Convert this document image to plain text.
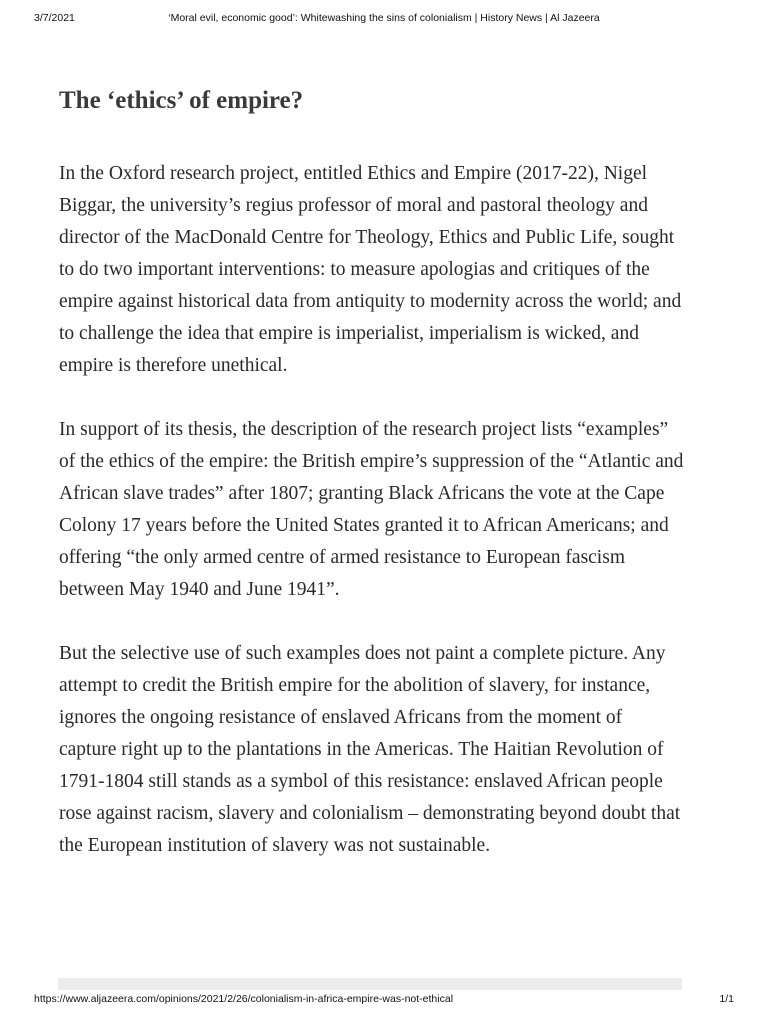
3/7/2021	‘Moral evil, economic good’: Whitewashing the sins of colonialism | History News | Al Jazeera
The ‘ethics’ of empire?

In the Oxford research project, entitled Ethics and Empire (2017-22), Nigel Biggar, the university’s regius professor of moral and pastoral theology and director of the MacDonald Centre for Theology, Ethics and Public Life, sought to do two important interventions: to measure apologias and critiques of the empire against historical data from antiquity to modernity across the world; and to challenge the idea that empire is imperialist, imperialism is wicked, and empire is therefore unethical.

In support of its thesis, the description of the research project lists “examples” of the ethics of the empire: the British empire’s suppression of the “Atlantic and African slave trades” after 1807; granting Black Africans the vote at the Cape Colony 17 years before the United States granted it to African Americans; and offering “the only armed centre of armed resistance to European fascism between May 1940 and June 1941”.

But the selective use of such examples does not paint a complete picture. Any attempt to credit the British empire for the abolition of slavery, for instance, ignores the ongoing resistance of enslaved Africans from the moment of capture right up to the plantations in the Americas. The Haitian Revolution of 1791-1804 still stands as a symbol of this resistance: enslaved African people rose against racism, slavery and colonialism – demonstrating beyond doubt that the European institution of slavery was not sustainable.

https://www.aljazeera.com/opinions/2021/2/26/colonialism-in-africa-empire-was-not-ethical	1/1
